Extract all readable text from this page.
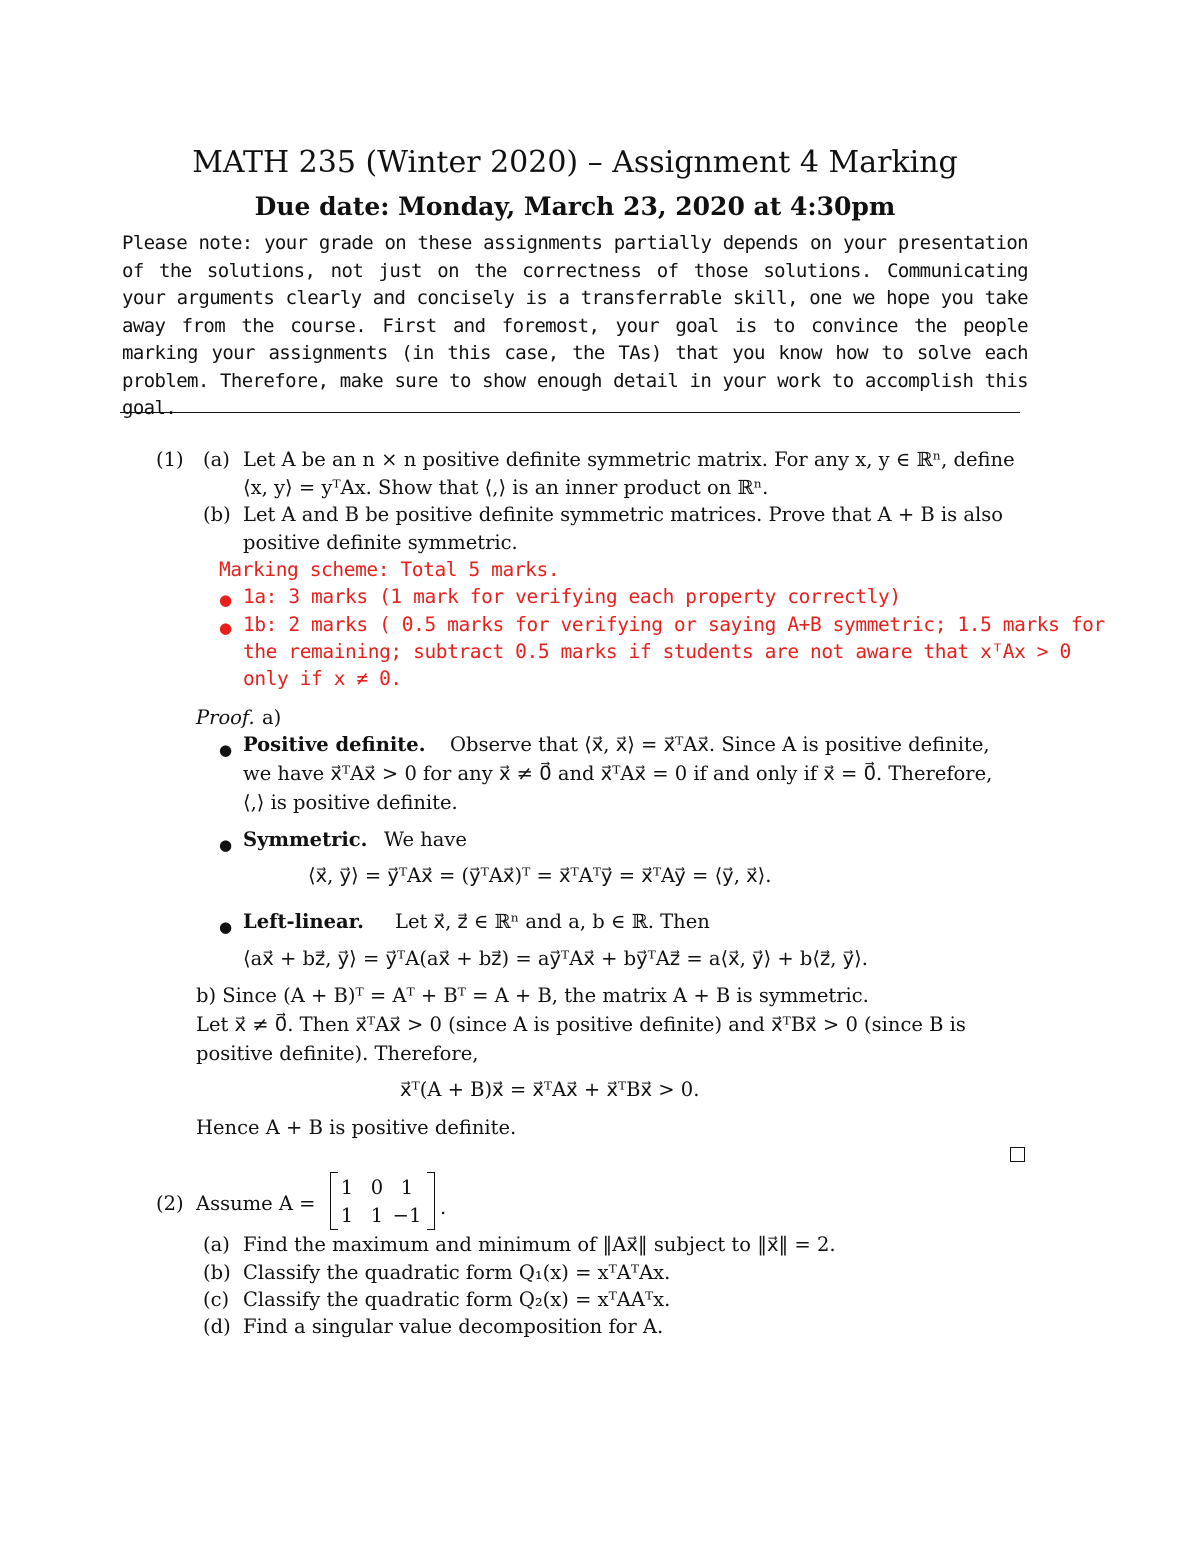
MATH 235 (Winter 2020) – Assignment 4 Marking
Due date: Monday, March 23, 2020 at 4:30pm
Please note: your grade on these assignments partially depends on your presentation of the solutions, not just on the correctness of those solutions. Communicating your arguments clearly and concisely is a transferrable skill, one we hope you take away from the course. First and foremost, your goal is to convince the people marking your assignments (in this case, the TAs) that you know how to solve each problem. Therefore, make sure to show enough detail in your work to accomplish this goal.
(1) (a) Let A be an n × n positive definite symmetric matrix. For any x, y ∈ ℝⁿ, define
⟨x, y⟩ = yᵀAx. Show that ⟨,⟩ is an inner product on ℝⁿ.
(b) Let A and B be positive definite symmetric matrices. Prove that A + B is also
positive definite symmetric.
Marking scheme: Total 5 marks.
● 1a: 3 marks (1 mark for verifying each property correctly)
● 1b: 2 marks ( 0.5 marks for verifying or saying A+B symmetric; 1.5 marks for
the remaining; subtract 0.5 marks if students are not aware that xᵀAx > 0
only if x ≠ 0.
Proof. a)
● Positive definite. Observe that ⟨x⃗, x⃗⟩ = x⃗ᵀAx⃗. Since A is positive definite,
we have x⃗ᵀAx⃗ > 0 for any x⃗ ≠ 0⃗ and x⃗ᵀAx⃗ = 0 if and only if x⃗ = 0⃗. Therefore,
⟨,⟩ is positive definite.
● Symmetric. We have
⟨x⃗, y⃗⟩ = y⃗ᵀAx⃗ = (y⃗ᵀAx⃗)ᵀ = x⃗ᵀAᵀy⃗ = x⃗ᵀAy⃗ = ⟨y⃗, x⃗⟩.
● Left-linear. Let x⃗, z⃗ ∈ ℝⁿ and a, b ∈ ℝ. Then
⟨ax⃗ + bz⃗, y⃗⟩ = y⃗ᵀA(ax⃗ + bz⃗) = ay⃗ᵀAx⃗ + by⃗ᵀAz⃗ = a⟨x⃗, y⃗⟩ + b⟨z⃗, y⃗⟩.
b) Since (A + B)ᵀ = Aᵀ + Bᵀ = A + B, the matrix A + B is symmetric.
Let x⃗ ≠ 0⃗. Then x⃗ᵀAx⃗ > 0 (since A is positive definite) and x⃗ᵀBx⃗ > 0 (since B is
positive definite). Therefore,
x⃗ᵀ(A + B)x⃗ = x⃗ᵀAx⃗ + x⃗ᵀBx⃗ > 0.
Hence A + B is positive definite.
(2) Assume A =
1 0 1
1 1 −1 .
(a) Find the maximum and minimum of ‖Ax⃗‖ subject to ‖x⃗‖ = 2.
(b) Classify the quadratic form Q₁(x) = xᵀAᵀAx.
(c) Classify the quadratic form Q₂(x) = xᵀAAᵀx.
(d) Find a singular value decomposition for A.
